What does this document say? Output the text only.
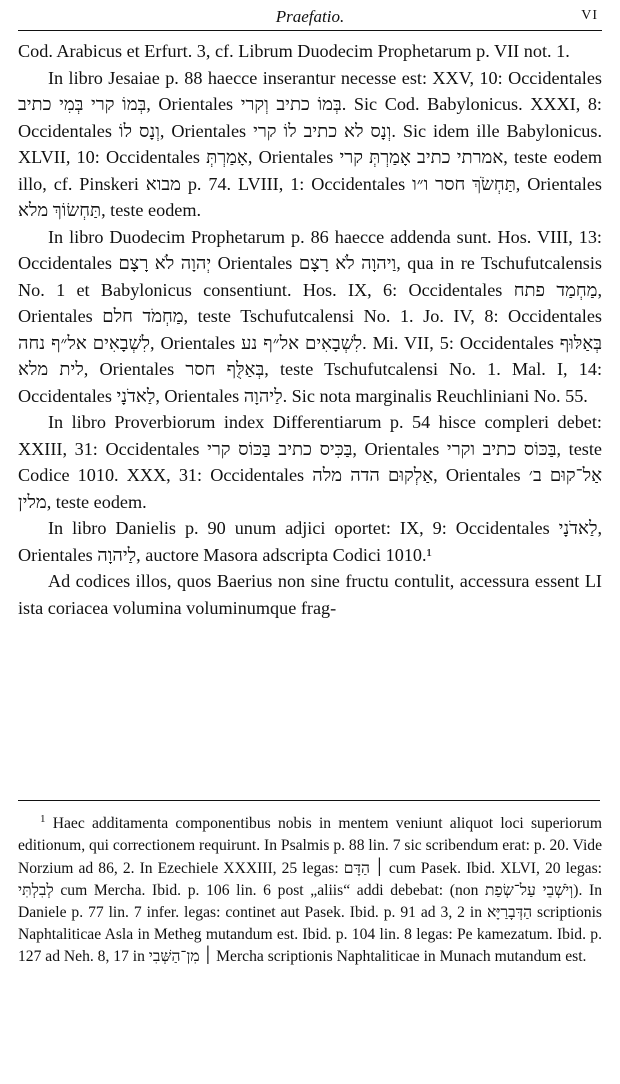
Praefatio.	VI

Cod. Arabicus et Erfurt. 3, cf. Librum Duodecim Prophetarum p. VII not. 1.

In libro Jesaiae p. 88 haecce inserantur necesse est: XXV, 10: Occidentales בְּמוֹ קרי בְּמִי כתיב, Orientales בְּמוֹ כתיב וְקרי. Sic Cod. Babylonicus. XXXI, 8: Occidentales וְנָס לוֹ, Orientales וְנָס לא כתיב לוֹ קרי. Sic idem ille Babylonicus. XLVII, 10: Occidentales אָמַרְתְּ, Orientales אמרתי כתיב אָמַרְתְּ קרי, teste eodem illo, cf. Pinskeri מבוא p. 74. LVIII, 1: Occidentales תַּחְשֹׂךְ חסר ו״ו, Orientales תַּחְשׂוֹךְ מלא, teste eodem.

In libro Duodecim Prophetarum p. 86 haecce addenda sunt. Hos. VIII, 13: Occidentales יְהוָה לֹא רָצָם Orientales וַיהוָה לֹא רָצָם, qua in re Tschufutcalensis No. 1 et Babylonicus consentiunt. Hos. IX, 6: Occidentales מַחְמַד פתח, Orientales מַחְמֹד חלם, teste Tschufutcalensi No. 1. Jo. IV, 8: Occidentales לִשְׁבָאִים אל״ף נחה, Orientales לִשְׁבָאִים אל״ף נע. Mi. VII, 5: Occidentales בְּאַלּוּף לית מלא, Orientales בְּאַלֻּף חסר, teste Tschufutcalensi No. 1. Mal. I, 14: Occidentales לַאדֹנָי, Orientales לַיהוָה. Sic nota marginalis Reuchliniani No. 55.

In libro Proverbiorum index Differentiarum p. 54 hisce compleri debet: XXIII, 31: Occidentales בַּכִּיס כתיב בַּכּוֹס קרי, Orientales בַּכּוֹס כתיב וקרי, teste Codice 1010. XXX, 31: Occidentales אַלְקוּם הדה מלה, Orientales אַל־קוּם ב׳ מלין, teste eodem.

In libro Danielis p. 90 unum adjici oportet: IX, 9: Occidentales לַאדֹנָי, Orientales לַיהוָה, auctore Masora adscripta Codici 1010.¹

Ad codices illos, quos Baerius non sine fructu contulit, accessura essent LI ista coriacea volumina voluminumque frag-

$^1$ Haec additamenta componentibus nobis in mentem veniunt aliquot loci superiorum editionum, qui correctionem requirunt. In Psalmis p. 88 lin. 7 sic scribendum erat: p. 20. Vide Norzium ad 86, 2. In Ezechiele XXXIII, 25 legas: ׀ הַדָּם cum Pasek. Ibid. XLVI, 20 legas: לְבִלְתִּי cum Mercha. Ibid. p. 106 lin. 6 post „aliis“ addi debebat: (non וְיֹשְׁבֵי עַל־שְׂפַת). In Daniele p. 77 lin. 7 infer. legas: continet aut Pasek. Ibid. p. 91 ad 3, 2 in הַדְּבָרַיָּא scriptionis Naphtaliticae Asla in Metheg mutandum est. Ibid. p. 104 lin. 8 legas: Pe kamezatum. Ibid. p. 127 ad Neh. 8, 17 in ׀ מִן־הַשְּׁבִי Mercha scriptionis Naphtaliticae in Munach mutandum est.
